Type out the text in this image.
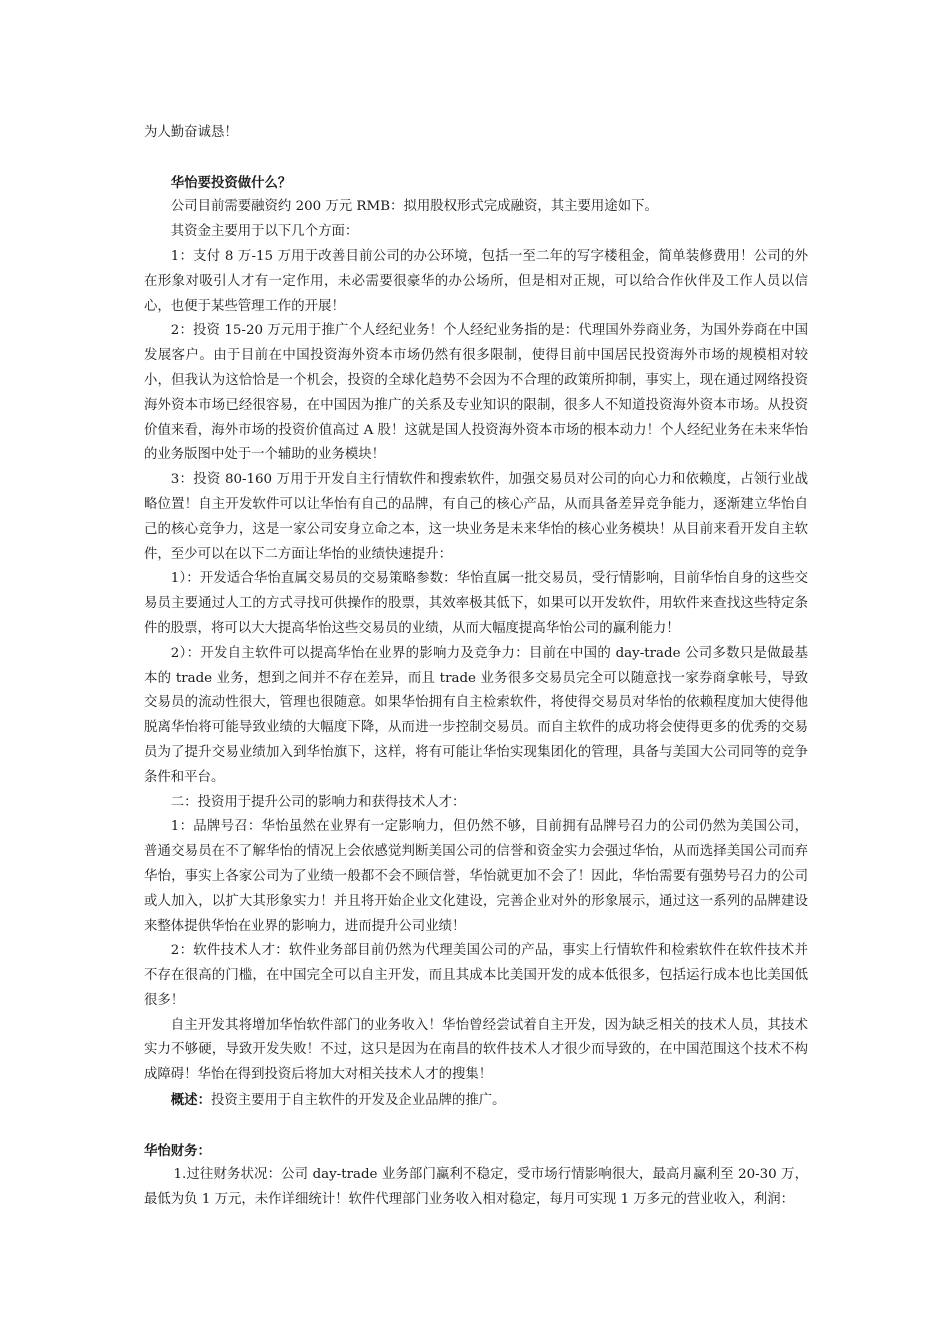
为人勤奋诚恳！

华怡要投资做什么？

公司目前需要融资约 200 万元 RMB：拟用股权形式完成融资，其主要用途如下。

其资金主要用于以下几个方面：

1：支付 8 万-15 万用于改善目前公司的办公环境，包括一至二年的写字楼租金，简单装修费用！公司的外在形象对吸引人才有一定作用，未必需要很豪华的办公场所，但是相对正规，可以给合作伙伴及工作人员以信心，也便于某些管理工作的开展！

2：投资 15-20 万元用于推广个人经纪业务！个人经纪业务指的是：代理国外券商业务，为国外券商在中国发展客户。由于目前在中国投资海外资本市场仍然有很多限制，使得目前中国居民投资海外市场的规模相对较小，但我认为这恰恰是一个机会，投资的全球化趋势不会因为不合理的政策所抑制，事实上，现在通过网络投资海外资本市场已经很容易，在中国因为推广的关系及专业知识的限制，很多人不知道投资海外资本市场。从投资价值来看，海外市场的投资价值高过 A 股！这就是国人投资海外资本市场的根本动力！个人经纪业务在未来华怡的业务版图中处于一个辅助的业务模块！

3：投资 80-160 万用于开发自主行情软件和搜索软件，加强交易员对公司的向心力和依赖度，占领行业战略位置！自主开发软件可以让华怡有自己的品牌，有自己的核心产品，从而具备差异竞争能力，逐渐建立华怡自己的核心竞争力，这是一家公司安身立命之本，这一块业务是未来华怡的核心业务模块！从目前来看开发自主软件，至少可以在以下二方面让华怡的业绩快速提升：

1）：开发适合华怡直属交易员的交易策略参数：华怡直属一批交易员，受行情影响，目前华怡自身的这些交易员主要通过人工的方式寻找可供操作的股票，其效率极其低下，如果可以开发软件，用软件来查找这些特定条件的股票，将可以大大提高华怡这些交易员的业绩，从而大幅度提高华怡公司的赢利能力！

2）：开发自主软件可以提高华怡在业界的影响力及竞争力：目前在中国的 day-trade 公司多数只是做最基本的 trade 业务，想到之间并不存在差异，而且 trade 业务很多交易员完全可以随意找一家券商拿帐号，导致交易员的流动性很大，管理也很随意。如果华怡拥有自主检索软件，将使得交易员对华怡的依赖程度加大使得他脱离华怡将可能导致业绩的大幅度下降，从而进一步控制交易员。而自主软件的成功将会使得更多的优秀的交易员为了提升交易业绩加入到华怡旗下，这样，将有可能让华怡实现集团化的管理，具备与美国大公司同等的竞争条件和平台。

二：投资用于提升公司的影响力和获得技术人才：

1：品牌号召：华怡虽然在业界有一定影响力，但仍然不够，目前拥有品牌号召力的公司仍然为美国公司，普通交易员在不了解华怡的情况上会依感觉判断美国公司的信誉和资金实力会强过华怡，从而选择美国公司而弃华怡，事实上各家公司为了业绩一般都不会不顾信誉，华怡就更加不会了！因此，华怡需要有强势号召力的公司或人加入，以扩大其形象实力！并且将开始企业文化建设，完善企业对外的形象展示，通过这一系列的品牌建设来整体提供华怡在业界的影响力，进而提升公司业绩！

2：软件技术人才：软件业务部目前仍然为代理美国公司的产品，事实上行情软件和检索软件在软件技术并不存在很高的门槛，在中国完全可以自主开发，而且其成本比美国开发的成本低很多，包括运行成本也比美国低很多！

自主开发其将增加华怡软件部门的业务收入！华怡曾经尝试着自主开发，因为缺乏相关的技术人员，其技术实力不够硬，导致开发失败！不过，这只是因为在南昌的软件技术人才很少而导致的，在中国范围这个技术不构成障碍！华怡在得到投资后将加大对相关技术人才的搜集！

概述：投资主要用于自主软件的开发及企业品牌的推广。

华怡财务：

1.过往财务状况：公司 day-trade 业务部门赢利不稳定，受市场行情影响很大，最高月赢利至 20-30 万，最低为负 1 万元，未作详细统计！软件代理部门业务收入相对稳定，每月可实现 1 万多元的营业收入，利润：
